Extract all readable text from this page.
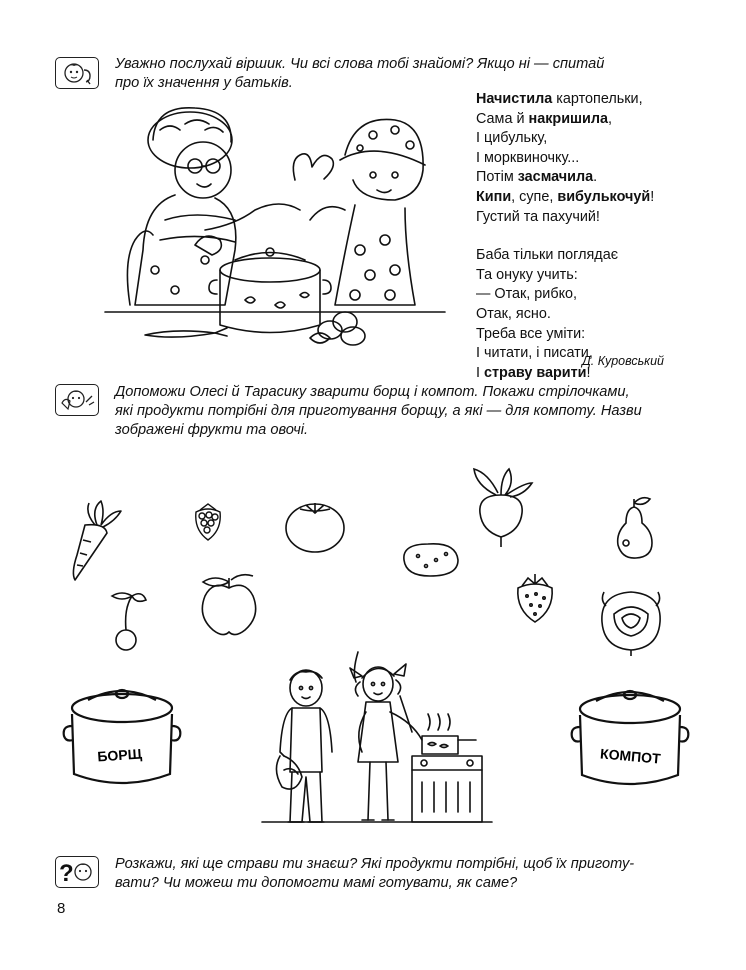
Уважно послухай віршик. Чи всі слова тобі знайомі? Якщо ні — спитай
про їх значення у батьків.
Начистила картопельки,
Сама й накришила,
І цибульку,
І морквиночку...
Потім засмачила.
Кипи, супе, вибулькочуй!
Густий та пахучий!
Баба тільки поглядає
Та онуку учить:
— Отак, рибко,
Отак, ясно.
Треба все уміти:
І читати, і писати,
І страву варити!
Д. Куровський
Допоможи Олесі й Тарасику зварити борщ і компот. Покажи стрілочками,
які продукти потрібні для приготування борщу, а які — для компоту. Назви
зображені фрукти та овочі.
БОРЩ	КОМПОТ
?	Розкажи, які ще страви ти знаєш? Які продукти потрібні, щоб їх приготу-
вати? Чи можеш ти допомогти мамі готувати, як саме?
8
